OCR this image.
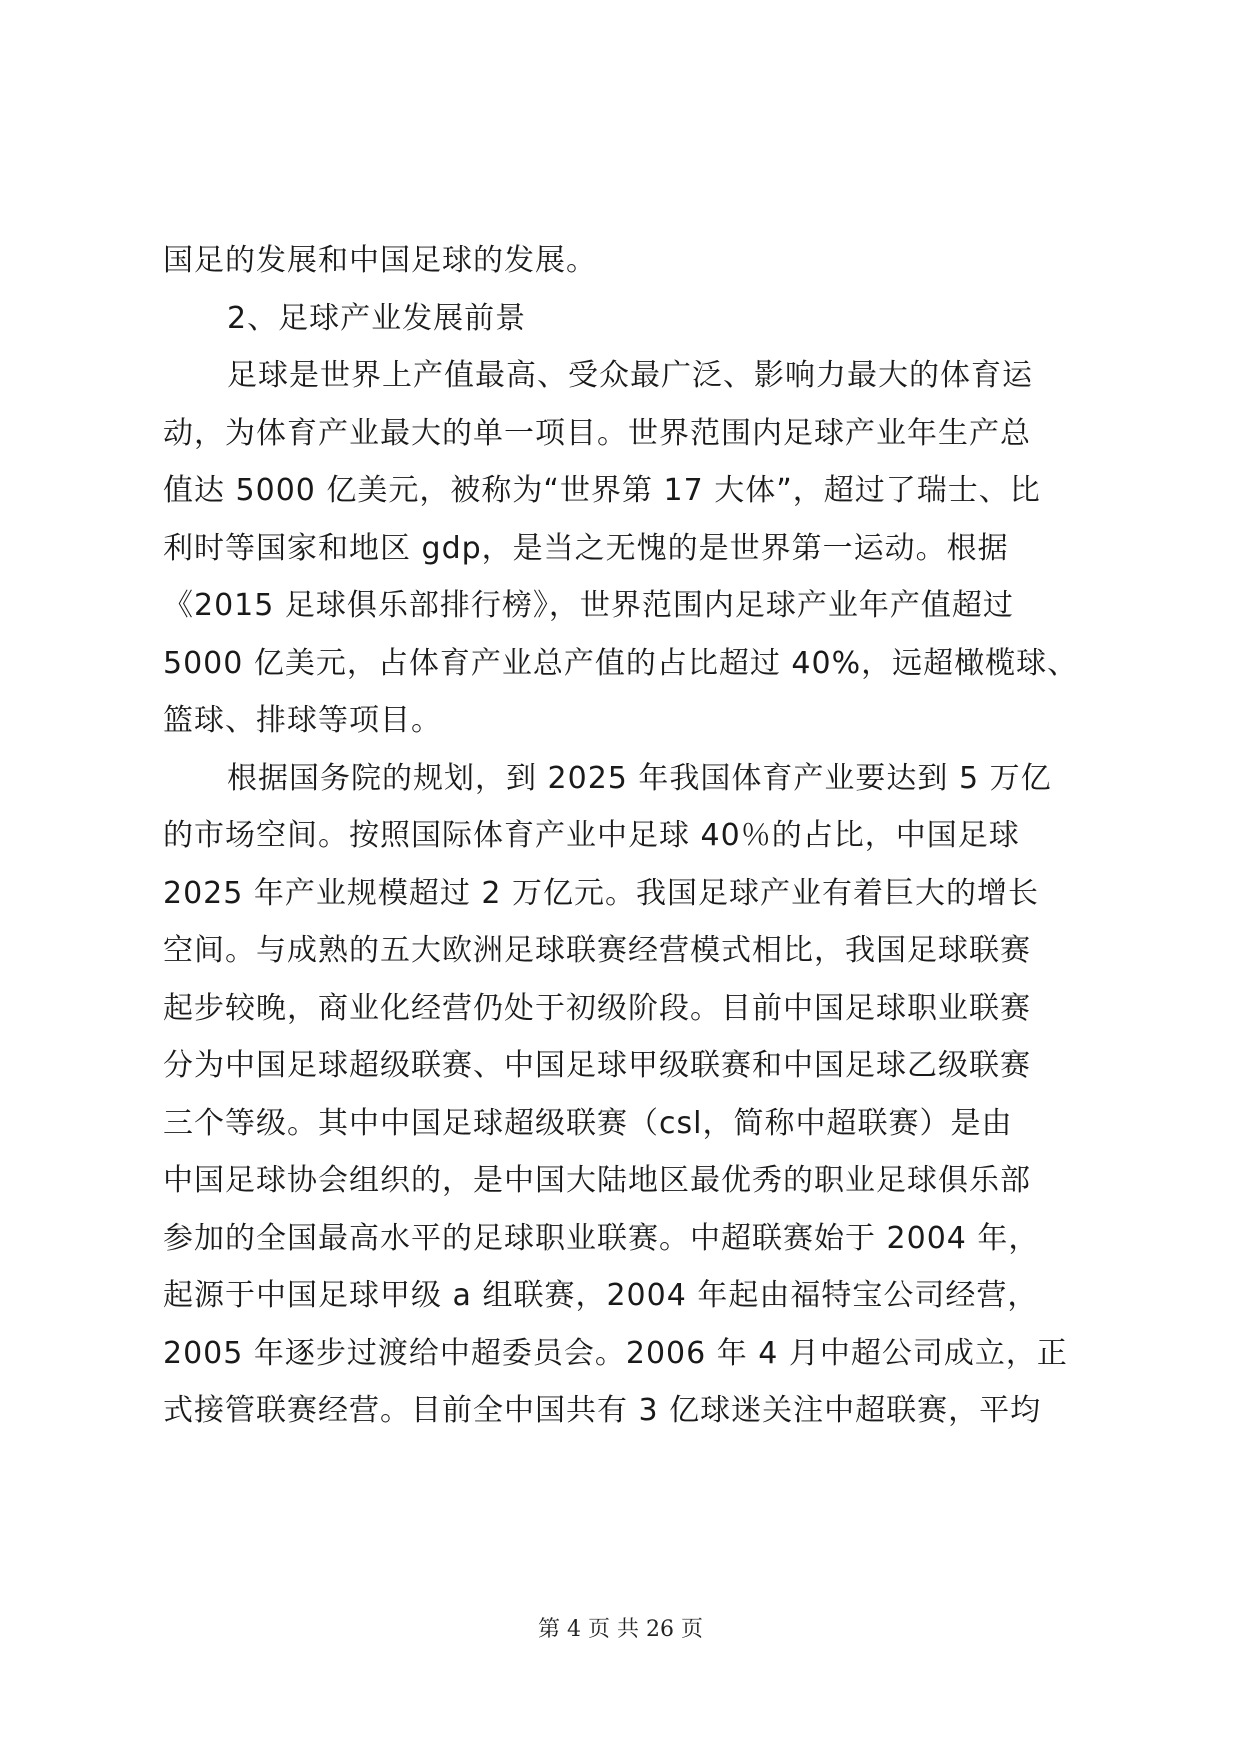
国足的发展和中国足球的发展。
2、足球产业发展前景
足球是世界上产值最高、受众最广泛、影响力最大的体育运
动，为体育产业最大的单一项目。世界范围内足球产业年生产总
值达 5000 亿美元，被称为“世界第 17 大体”，超过了瑞士、比
利时等国家和地区 gdp，是当之无愧的是世界第一运动。根据
《2015 足球俱乐部排行榜》，世界范围内足球产业年产值超过
5000 亿美元，占体育产业总产值的占比超过 40%，远超橄榄球、
篮球、排球等项目。
根据国务院的规划，到 2025 年我国体育产业要达到 5 万亿
的市场空间。按照国际体育产业中足球 40％的占比，中国足球
2025 年产业规模超过 2 万亿元。我国足球产业有着巨大的增长
空间。与成熟的五大欧洲足球联赛经营模式相比，我国足球联赛
起步较晚，商业化经营仍处于初级阶段。目前中国足球职业联赛
分为中国足球超级联赛、中国足球甲级联赛和中国足球乙级联赛
三个等级。其中中国足球超级联赛（csl，简称中超联赛）是由
中国足球协会组织的，是中国大陆地区最优秀的职业足球俱乐部
参加的全国最高水平的足球职业联赛。中超联赛始于 2004 年，
起源于中国足球甲级 a 组联赛，2004 年起由福特宝公司经营，
2005 年逐步过渡给中超委员会。2006 年 4 月中超公司成立，正
式接管联赛经营。目前全中国共有 3 亿球迷关注中超联赛，平均
第 4 页 共 26 页
